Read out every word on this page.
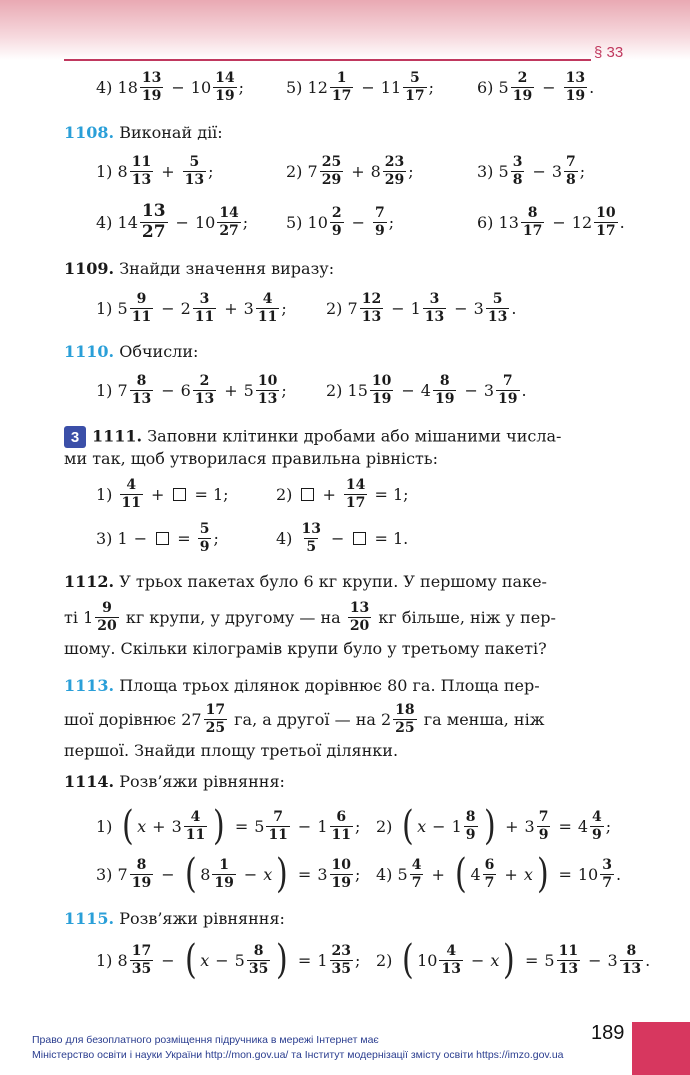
§ 33
4)
$18 \frac{13}{19} - 10 \frac{14}{19}$ ;	5)
$12 \frac{1}{17} - 11 \frac{5}{17}$ ;	6)
$5 \frac{2}{19} - \frac{13}{19}$ .
1108. Виконай дії:
1)
$8 \frac{11}{13} + \frac{5}{13}$ ;	2)
$7 \frac{25}{29} + 8 \frac{23}{29}$ ;	3)
$5 \frac{3}{8} - 3 \frac{7}{8}$ ;
4)
$14 \frac{13}{27} - 10 \frac{14}{27}$ ; 5)
$10 \frac{2}{9} - \frac{7}{9}$ ;	6)
$13 \frac{8}{17} - 12 \frac{10}{17}$ .
1109. Знайди значення виразу:
1)
$5 \frac{9}{11} - 2 \frac{3}{11} + 3 \frac{4}{11}$ ; 2)
$7 \frac{12}{13} - 1 \frac{3}{13} - 3 \frac{5}{13}$ .
1110. Обчисли:
1)
$7 \frac{8}{13} - 6 \frac{2}{13} + 5 \frac{10}{13}$ ; 2)
$15 \frac{10}{19} - 4 \frac{8}{19} - 3 \frac{7}{19}$ .
3 1111. Заповни клітинки дробами або мішаними числа-
ми так, щоб утворилася правильна рівність:
1)
$\frac{4}{11}$ +
= 1;	2)
+ $\frac{14}{17}$
= 1;
3)
1 −
=
$\frac{5}{9}$ ;	4)
$\frac{13}{5}$ −
= 1.
1112. У трьох пакетах було 6 кг крупи. У першому паке-
ті
$1 \frac{9}{20}$
кг крупи, у другому — на
$\frac{13}{20}$
кг більше, ніж у пер-
шому. Скільки кілограмів крупи було у третьому пакеті?
1113. Площа трьох ділянок дорівнює 80 га. Площа пер-
шої дорівнює
$27 \frac{17}{25}$
га, а другої — на
$2 \frac{18}{25}$
га менша, ніж
першої. Знайди площу третьої ділянки.
1114. Розв’яжи рівняння:
1)
( $x + 3 \frac{4}{11}$ ) = $5 \frac{7}{11} - 1 \frac{6}{11}$ ; 2)
( $x - 1 \frac{8}{9}$ ) + $3 \frac{7}{9} = 4 \frac{4}{9}$ ;
3)
$7 \frac{8}{19}$ − ( $8 \frac{1}{19} - x$ ) = $3 \frac{10}{19}$ ; 4)
$5 \frac{4}{7}$ + ( $4 \frac{6}{7} + x$ ) = $10 \frac{3}{7}$ .
1115. Розв’яжи рівняння:
1)
$8 \frac{17}{35}$ − ( $x - 5 \frac{8}{35}$ ) = $1 \frac{23}{35}$ ; 2)
( $10 \frac{4}{13} - x$ ) = $5 \frac{11}{13} - 3 \frac{8}{13}$ .
Право для безоплатного розміщення підручника в мережі Інтернет має
Міністерство освіти і науки України http://mon.gov.ua/ та Інститут модернізації змісту освіти https://imzo.gov.ua
189
